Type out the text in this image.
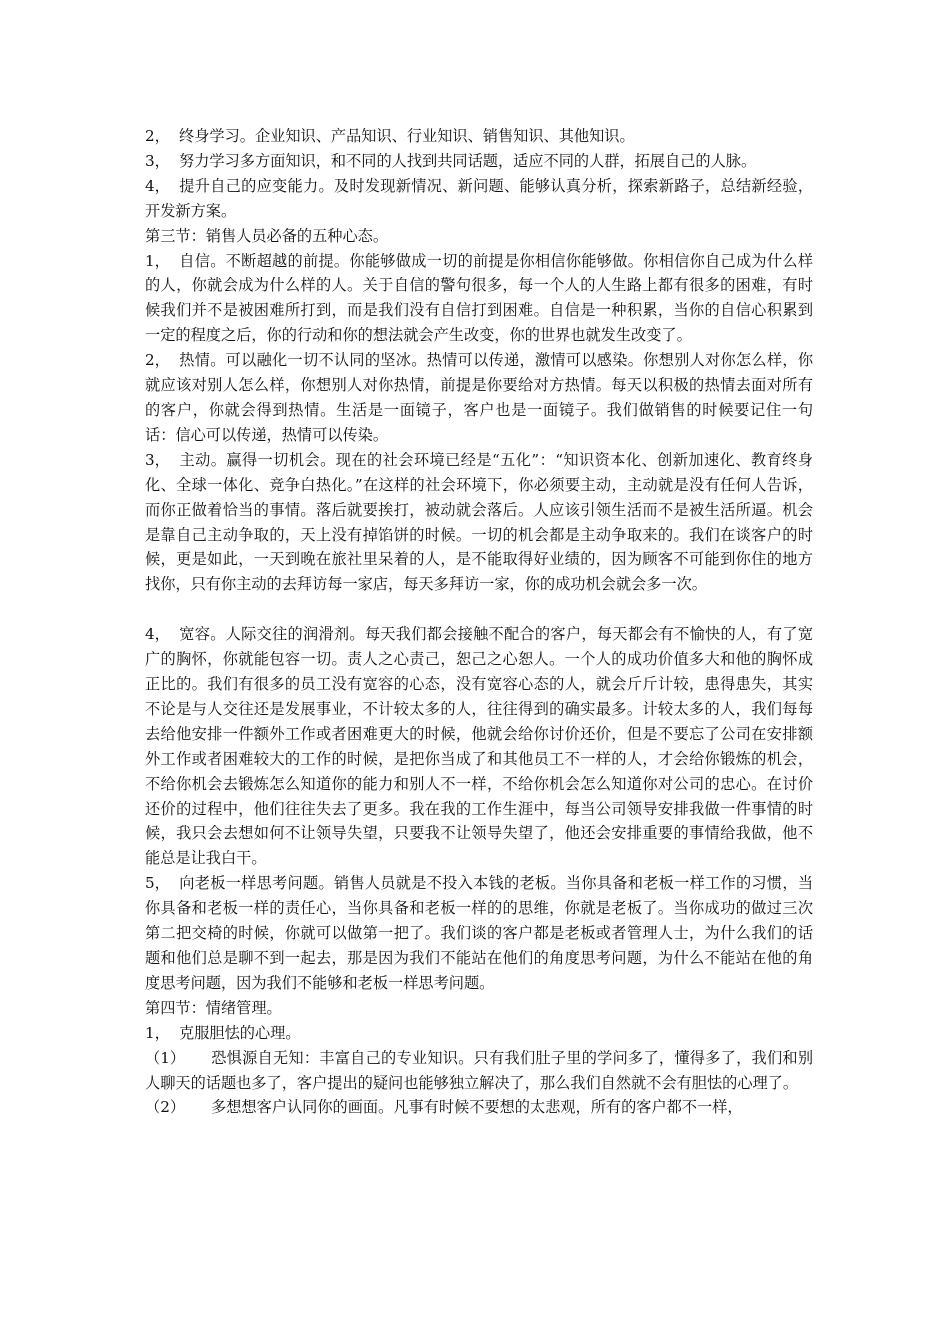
2， 终身学习。企业知识、产品知识、行业知识、销售知识、其他知识。

3， 努力学习多方面知识，和不同的人找到共同话题，适应不同的人群，拓展自己的人脉。

4， 提升自己的应变能力。及时发现新情况、新问题、能够认真分析，探索新路子，总结新经验，开发新方案。

第三节：销售人员必备的五种心态。

1， 自信。不断超越的前提。你能够做成一切的前提是你相信你能够做。你相信你自己成为什么样的人，你就会成为什么样的人。关于自信的警句很多，每一个人的人生路上都有很多的困难，有时候我们并不是被困难所打到，而是我们没有自信打到困难。自信是一种积累，当你的自信心积累到一定的程度之后，你的行动和你的想法就会产生改变，你的世界也就发生改变了。

2， 热情。可以融化一切不认同的坚冰。热情可以传递，激情可以感染。你想别人对你怎么样，你就应该对别人怎么样，你想别人对你热情，前提是你要给对方热情。每天以积极的热情去面对所有的客户，你就会得到热情。生活是一面镜子，客户也是一面镜子。我们做销售的时候要记住一句话：信心可以传递，热情可以传染。

3， 主动。赢得一切机会。现在的社会环境已经是“五化”：“知识资本化、创新加速化、教育终身化、全球一体化、竞争白热化。”在这样的社会环境下，你必须要主动，主动就是没有任何人告诉，而你正做着恰当的事情。落后就要挨打，被动就会落后。人应该引领生活而不是被生活所逼。机会是靠自己主动争取的，天上没有掉馅饼的时候。一切的机会都是主动争取来的。我们在谈客户的时候，更是如此，一天到晚在旅社里呆着的人，是不能取得好业绩的，因为顾客不可能到你住的地方找你，只有你主动的去拜访每一家店，每天多拜访一家，你的成功机会就会多一次。

4， 宽容。人际交往的润滑剂。每天我们都会接触不配合的客户，每天都会有不愉快的人，有了宽广的胸怀，你就能包容一切。责人之心责己，恕己之心恕人。一个人的成功价值多大和他的胸怀成正比的。我们有很多的员工没有宽容的心态，没有宽容心态的人，就会斤斤计较，患得患失，其实不论是与人交往还是发展事业，不计较太多的人，往往得到的确实最多。计较太多的人，我们每每去给他安排一件额外工作或者困难更大的时候，他就会给你讨价还价，但是不要忘了公司在安排额外工作或者困难较大的工作的时候，是把你当成了和其他员工不一样的人，才会给你锻炼的机会，不给你机会去锻炼怎么知道你的能力和别人不一样，不给你机会怎么知道你对公司的忠心。在讨价还价的过程中，他们往往失去了更多。我在我的工作生涯中，每当公司领导安排我做一件事情的时候，我只会去想如何不让领导失望，只要我不让领导失望了，他还会安排重要的事情给我做，他不能总是让我白干。

5， 向老板一样思考问题。销售人员就是不投入本钱的老板。当你具备和老板一样工作的习惯，当你具备和老板一样的责任心，当你具备和老板一样的的思维，你就是老板了。当你成功的做过三次第二把交椅的时候，你就可以做第一把了。我们谈的客户都是老板或者管理人士，为什么我们的话题和他们总是聊不到一起去，那是因为我们不能站在他们的角度思考问题，为什么不能站在他的角度思考问题，因为我们不能够和老板一样思考问题。

第四节：情绪管理。

1， 克服胆怯的心理。

（1） 恐惧源自无知：丰富自己的专业知识。只有我们肚子里的学问多了，懂得多了，我们和别人聊天的话题也多了，客户提出的疑问也能够独立解决了，那么我们自然就不会有胆怯的心理了。

（2） 多想想客户认同你的画面。凡事有时候不要想的太悲观，所有的客户都不一样，
